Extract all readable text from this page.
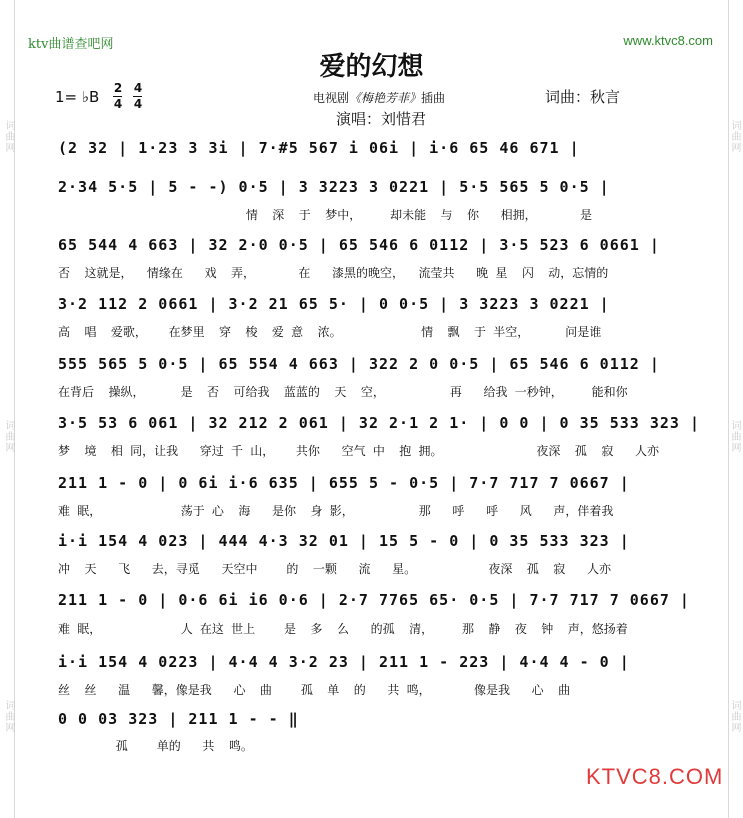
词曲网
词曲网
词曲网
词曲网
词曲网
词曲网
ktv曲谱查吧网	www.ktvc8.com
爱的幻想
1= ♭B 2
4
4
4	电视剧《梅艳芳菲》插曲	词曲：秋言
演唱：刘惜君
(2 32 | 1·23 3 3i | 7·#5 567 i 06i | i·6 65 46 671 |
2·34 5·5 | 5 - -) 0·5 | 3 3223 3 0221 | 5·5 565 5 0·5 |
情  深  于  梦中，    却未能  与  你   相拥，      是
65 544 4 663 | 32 2·0 0·5 | 65 546 6 0112 | 3·5 523 6 0661 |
否  这就是，  情缘在   戏  弄，      在   漆黑的晚空，  流莹共   晚 星  闪  动，忘情的
3·2 112 2 0661 | 3·2 21 65 5· | 0 0·5 | 3 3223 3 0221 |
高  唱  爱歌，   在梦里  穿  梭  爱 意  浓。           情  飘  于 半空，     问是谁
555 565 5 0·5 | 65 554 4 663 | 322 2 0 0·5 | 65 546 6 0112 |
在背后  操纵，     是  否  可给我  蓝蓝的  天  空，         再   给我 一秒钟，    能和你
3·5 53 6 061 | 32 212 2 061 | 32 2·1 2 1· | 0 0 | 0 35 533 323 |
梦  境  相 同，让我   穿过 千 山，   共你   空气 中  抱 拥。             夜深  孤  寂   人亦
211 1 - 0 | 0 6i i·6 635 | 655 5 - 0·5 | 7·7 717 7 0667 |
难 眠，           荡于 心  海   是你  身 影，         那   呼   呼   风   声，伴着我
i·i 154 4 023 | 444 4·3 32 01 | 15 5 - 0 | 0 35 533 323 |
冲  天   飞   去，寻觅   天空中    的  一颗   流   星。          夜深  孤  寂   人亦
211 1 - 0 | 0·6 6i i6 0·6 | 2·7 7765 65· 0·5 | 7·7 717 7 0667 |
难 眠，           人 在这 世上    是  多  么   的孤  清，    那  静  夜  钟  声，悠扬着
i·i 154 4 0223 | 4·4 4 3·2 23 | 211 1 - 223 | 4·4 4 - 0 |
丝  丝   温   馨，像是我   心  曲    孤  单  的   共 鸣，      像是我   心  曲
0 0 03 323 | 211 1 - - ‖
孤    单的   共  鸣。
KTVC8.COM
